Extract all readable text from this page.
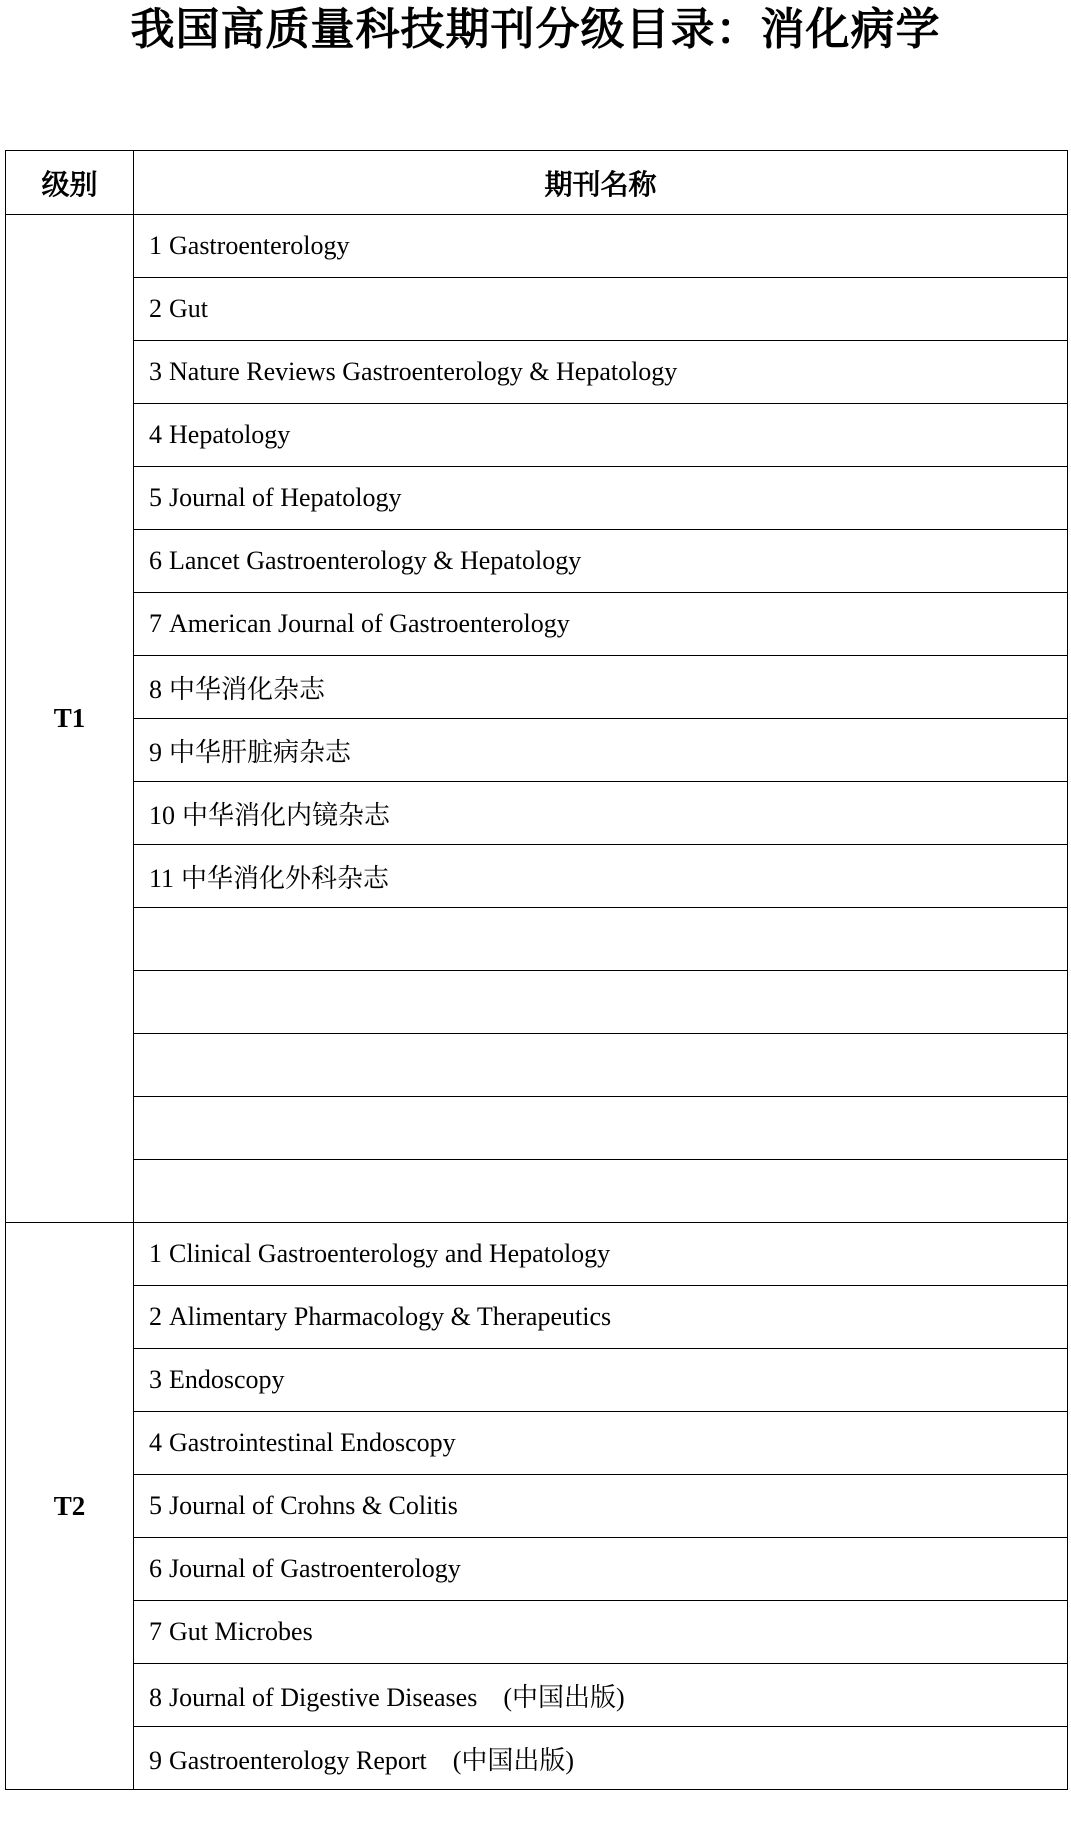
我国高质量科技期刊分级目录：消化病学
级别	期刊名称
T1	1 Gastroenterology
	2 Gut
	3 Nature Reviews Gastroenterology & Hepatology
	4 Hepatology
	5 Journal of Hepatology
	6 Lancet Gastroenterology & Hepatology
	7 American Journal of Gastroenterology
	8 中华消化杂志
	9 中华肝脏病杂志
	10 中华消化内镜杂志
	11 中华消化外科杂志

T2	1 Clinical Gastroenterology and Hepatology
	2 Alimentary Pharmacology & Therapeutics
	3 Endoscopy
	4 Gastrointestinal Endoscopy
	5 Journal of Crohns & Colitis
	6 Journal of Gastroenterology
	7 Gut Microbes
	8 Journal of Digestive Diseases (中国出版)
	9 Gastroenterology Report (中国出版)
